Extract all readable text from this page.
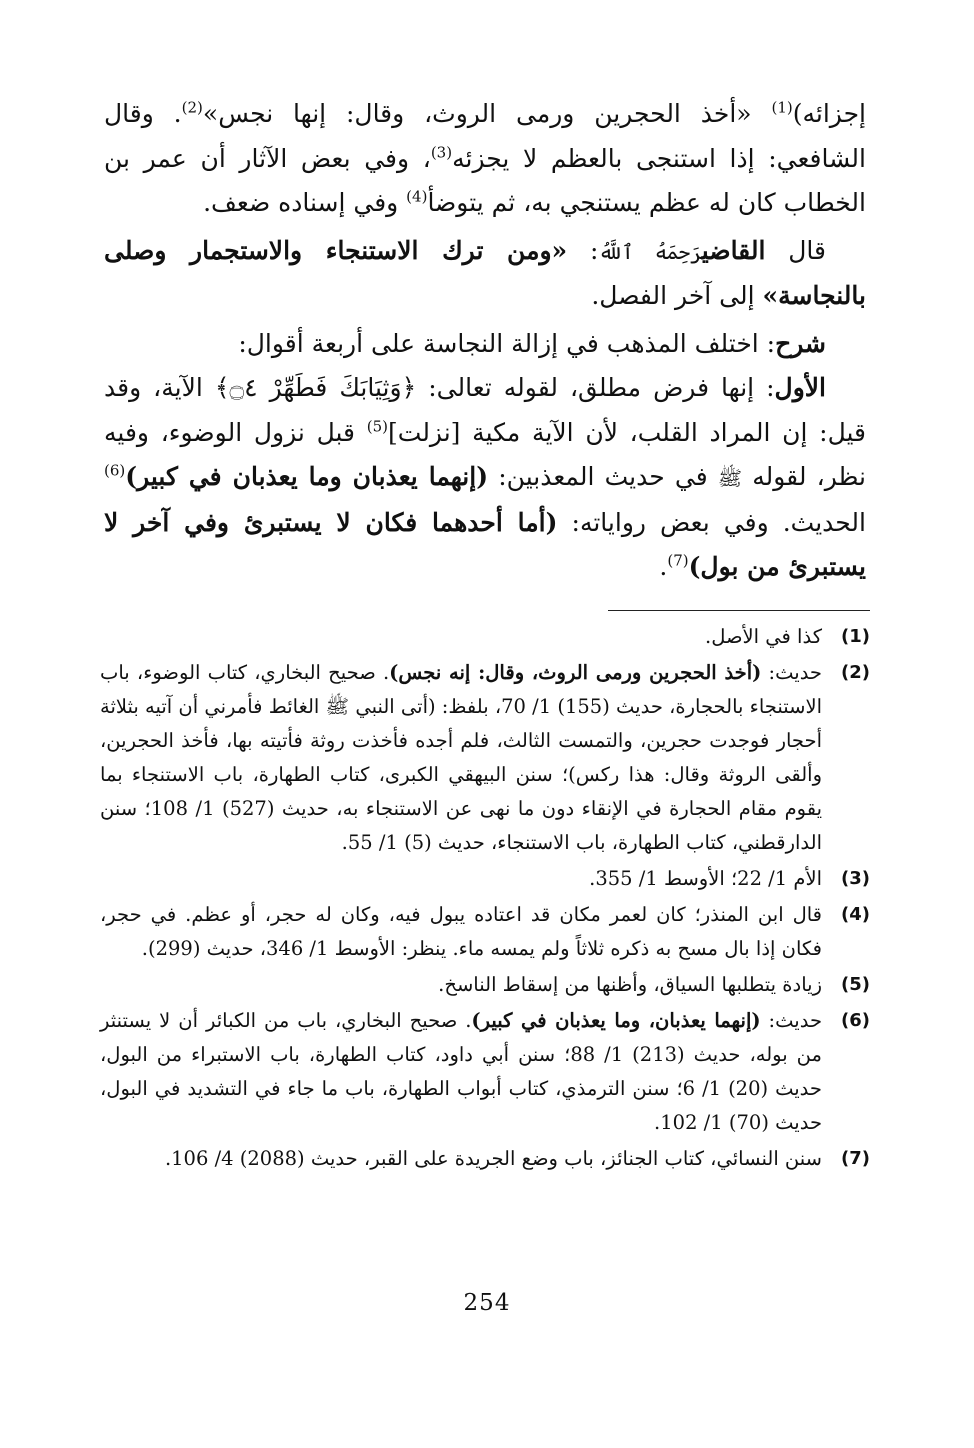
إجزائه)$^{(1)}$ «أخذ الحجرين ورمى الروث، وقال: إنها نجس»$^{(2)}$. وقال الشافعي: إذا استنجى بالعظم لا يجزئه$^{(3)}$، وفي بعض الآثار أن عمر بن الخطاب كان له عظم يستنجي به، ثم يتوضأ$^{(4)}$ وفي إسناده ضعف.

قال القاضيرَحِمَهُ ٱللَّهُ: «ومن ترك الاستنجاء والاستجمار وصلى بالنجاسة» إلى آخر الفصل.

شرح: اختلف المذهب في إزالة النجاسة على أربعة أقوال:

الأول: إنها فرض مطلق، لقوله تعالى: ﴿وَثِيَابَكَ فَطَهِّرْ ۝٤﴾ الآية، وقد قيل: إن المراد القلب، لأن الآية مكية [نزلت]$^{(5)}$ قبل نزول الوضوء، وفيه نظر، لقوله ﷺ في حديث المعذبين: (إنهما يعذبان وما يعذبان في كبير)$^{(6)}$ الحديث. وفي بعض رواياته: (أما أحدهما فكان لا يستبرئ وفي آخر لا يستبرئ من بول)$^{(7)}$.

(1)
كذا في الأصل.
(2)
حديث: (أخذ الحجرين ورمى الروث، وقال: إنه نجس). صحيح البخاري، كتاب الوضوء، باب الاستنجاء بالحجارة، حديث (155) 1/ 70، بلفظ: (أتى النبي ﷺ الغائط فأمرني أن آتيه بثلاثة أحجار فوجدت حجرين، والتمست الثالث، فلم أجده فأخذت روثة فأتيته بها، فأخذ الحجرين، وألقى الروثة وقال: هذا ركس)؛ سنن البيهقي الكبرى، كتاب الطهارة، باب الاستنجاء بما يقوم مقام الحجارة في الإنقاء دون ما نهى عن الاستنجاء به، حديث (527) 1/ 108؛ سنن الدارقطني، كتاب الطهارة، باب الاستنجاء، حديث (5) 1/ 55.
(3)
الأم 1/ 22؛ الأوسط 1/ 355.
(4)
قال ابن المنذر؛ كان لعمر مكان قد اعتاده يبول فيه، وكان له حجر، أو عظم. في حجر، فكان إذا بال مسح به ذكره ثلاثاً ولم يمسه ماء. ينظر: الأوسط 1/ 346، حديث (299).
(5)
زيادة يتطلبها السياق، وأظنها من إسقاط الناسخ.
(6)
حديث: (إنهما يعذبان، وما يعذبان في كبير). صحيح البخاري، باب من الكبائر أن لا يستنثر من بوله، حديث (213) 1/ 88؛ سنن أبي داود، كتاب الطهارة، باب الاستبراء من البول، حديث (20) 1/ 6؛ سنن الترمذي، كتاب أبواب الطهارة، باب ما جاء في التشديد في البول، حديث (70) 1/ 102.
(7)
سنن النسائي، كتاب الجنائز، باب وضع الجريدة على القبر، حديث (2088) 4/ 106.
254
